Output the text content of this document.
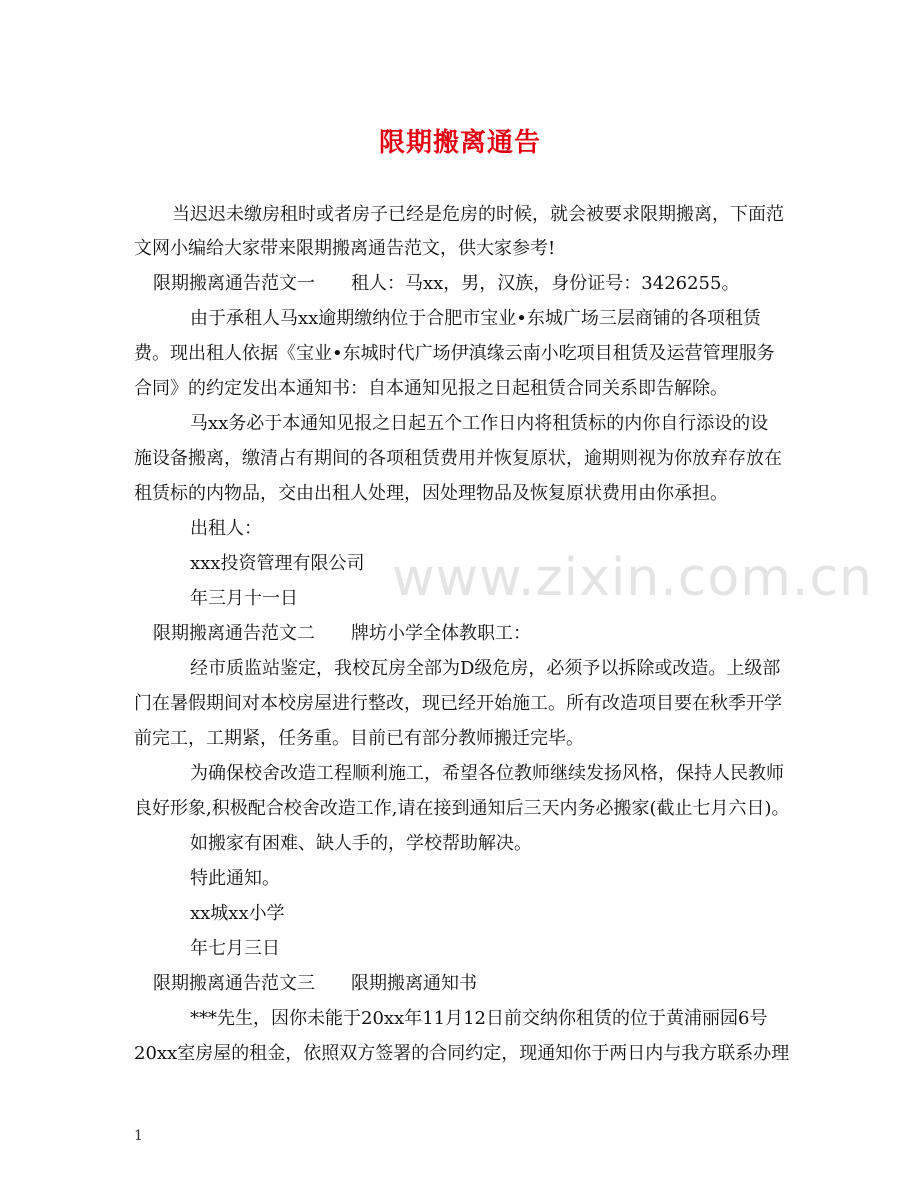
限期搬离通告
www.zixin.com.cn
当迟迟未缴房租时或者房子已经是危房的时候，就会被要求限期搬离，下面范
文网小编给大家带来限期搬离通告范文，供大家参考!
限期搬离通告范文一　　租人：马xx，男，汉族，身份证号：3426255。
由于承租人马xx逾期缴纳位于合肥市宝业•东城广场三层商铺的各项租赁
费。现出租人依据《宝业•东城时代广场伊滇缘云南小吃项目租赁及运营管理服务
合同》的约定发出本通知书：自本通知见报之日起租赁合同关系即告解除。
马xx务必于本通知见报之日起五个工作日内将租赁标的内你自行添设的设
施设备搬离，缴清占有期间的各项租赁费用并恢复原状，逾期则视为你放弃存放在
租赁标的内物品，交由出租人处理，因处理物品及恢复原状费用由你承担。
出租人：
xxx投资管理有限公司
年三月十一日
限期搬离通告范文二　　牌坊小学全体教职工：
经市质监站鉴定，我校瓦房全部为D级危房，必须予以拆除或改造。上级部
门在暑假期间对本校房屋进行整改，现已经开始施工。所有改造项目要在秋季开学
前完工，工期紧，任务重。目前已有部分教师搬迁完毕。
为确保校舍改造工程顺利施工，希望各位教师继续发扬风格，保持人民教师
良好形象,积极配合校舍改造工作,请在接到通知后三天内务必搬家(截止七月六日)。
如搬家有困难、缺人手的，学校帮助解决。
特此通知。
xx城xx小学
年七月三日
限期搬离通告范文三　　限期搬离通知书
***先生，因你未能于20xx年11月12日前交纳你租赁的位于黄浦丽园6号
20xx室房屋的租金，依照双方签署的合同约定，现通知你于两日内与我方联系办理
1
